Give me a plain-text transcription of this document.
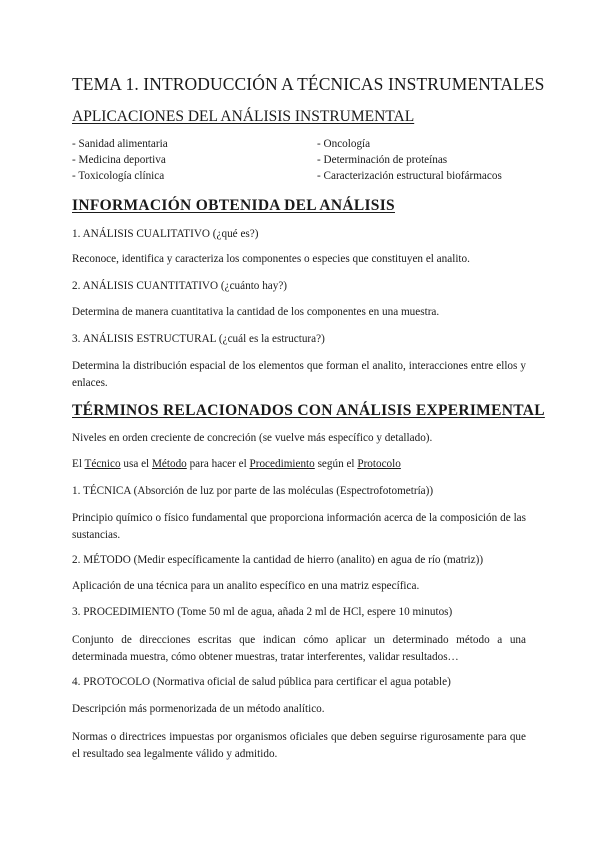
TEMA 1. INTRODUCCIÓN A TÉCNICAS INSTRUMENTALES
APLICACIONES DEL ANÁLISIS INSTRUMENTAL
- Sanidad alimentaria
- Medicina deportiva
- Toxicología clínica
- Oncología
- Determinación de proteínas
- Caracterización estructural biofármacos
INFORMACIÓN OBTENIDA DEL ANÁLISIS
1. ANÁLISIS CUALITATIVO (¿qué es?)
Reconoce, identifica y caracteriza los componentes o especies que constituyen el analito.
2. ANÁLISIS CUANTITATIVO (¿cuánto hay?)
Determina de manera cuantitativa la cantidad de los componentes en una muestra.
3. ANÁLISIS ESTRUCTURAL (¿cuál es la estructura?)
Determina la distribución espacial de los elementos que forman el analito, interacciones entre ellos y enlaces.
TÉRMINOS RELACIONADOS CON ANÁLISIS EXPERIMENTAL
Niveles en orden creciente de concreción (se vuelve más específico y detallado).
El Técnico usa el Método para hacer el Procedimiento según el Protocolo
1. TÉCNICA (Absorción de luz por parte de las moléculas (Espectrofotometría))
Principio químico o físico fundamental que proporciona información acerca de la composición de las sustancias.
2. MÉTODO (Medir específicamente la cantidad de hierro (analito) en agua de río (matriz))
Aplicación de una técnica para un analito específico en una matriz específica.
3. PROCEDIMIENTO (Tome 50 ml de agua, añada 2 ml de HCl, espere 10 minutos)
Conjunto de direcciones escritas que indican cómo aplicar un determinado método a una determinada muestra, cómo obtener muestras, tratar interferentes, validar resultados…
4. PROTOCOLO (Normativa oficial de salud pública para certificar el agua potable)
Descripción más pormenorizada de un método analítico.
Normas o directrices impuestas por organismos oficiales que deben seguirse rigurosamente para que el resultado sea legalmente válido y admitido.
